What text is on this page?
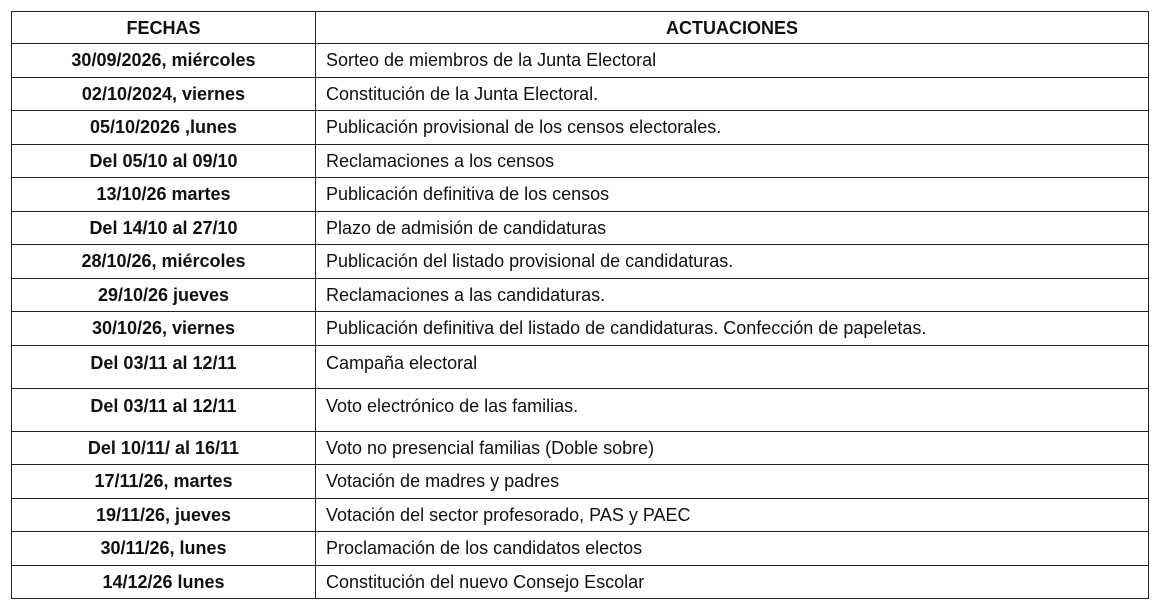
FECHAS	ACTUACIONES
30/09/2026, miércoles	Sorteo de miembros de la Junta Electoral
02/10/2024, viernes	Constitución de la Junta Electoral.
05/10/2026 ,lunes	Publicación provisional de los censos electorales.
Del 05/10 al 09/10	Reclamaciones a los censos
13/10/26 martes	Publicación definitiva de los censos
Del 14/10 al 27/10	Plazo de admisión de candidaturas
28/10/26, miércoles	Publicación del listado provisional de candidaturas.
29/10/26 jueves	Reclamaciones a las candidaturas.
30/10/26, viernes	Publicación definitiva del listado de candidaturas. Confección de papeletas.
Del 03/11 al 12/11	Campaña electoral
Del 03/11 al 12/11	Voto electrónico de las familias.
Del 10/11/ al 16/11	Voto no presencial familias (Doble sobre)
17/11/26, martes	Votación de madres y padres
19/11/26, jueves	Votación del sector profesorado, PAS y PAEC
30/11/26, lunes	Proclamación de los candidatos electos
14/12/26 lunes	Constitución del nuevo Consejo Escolar
